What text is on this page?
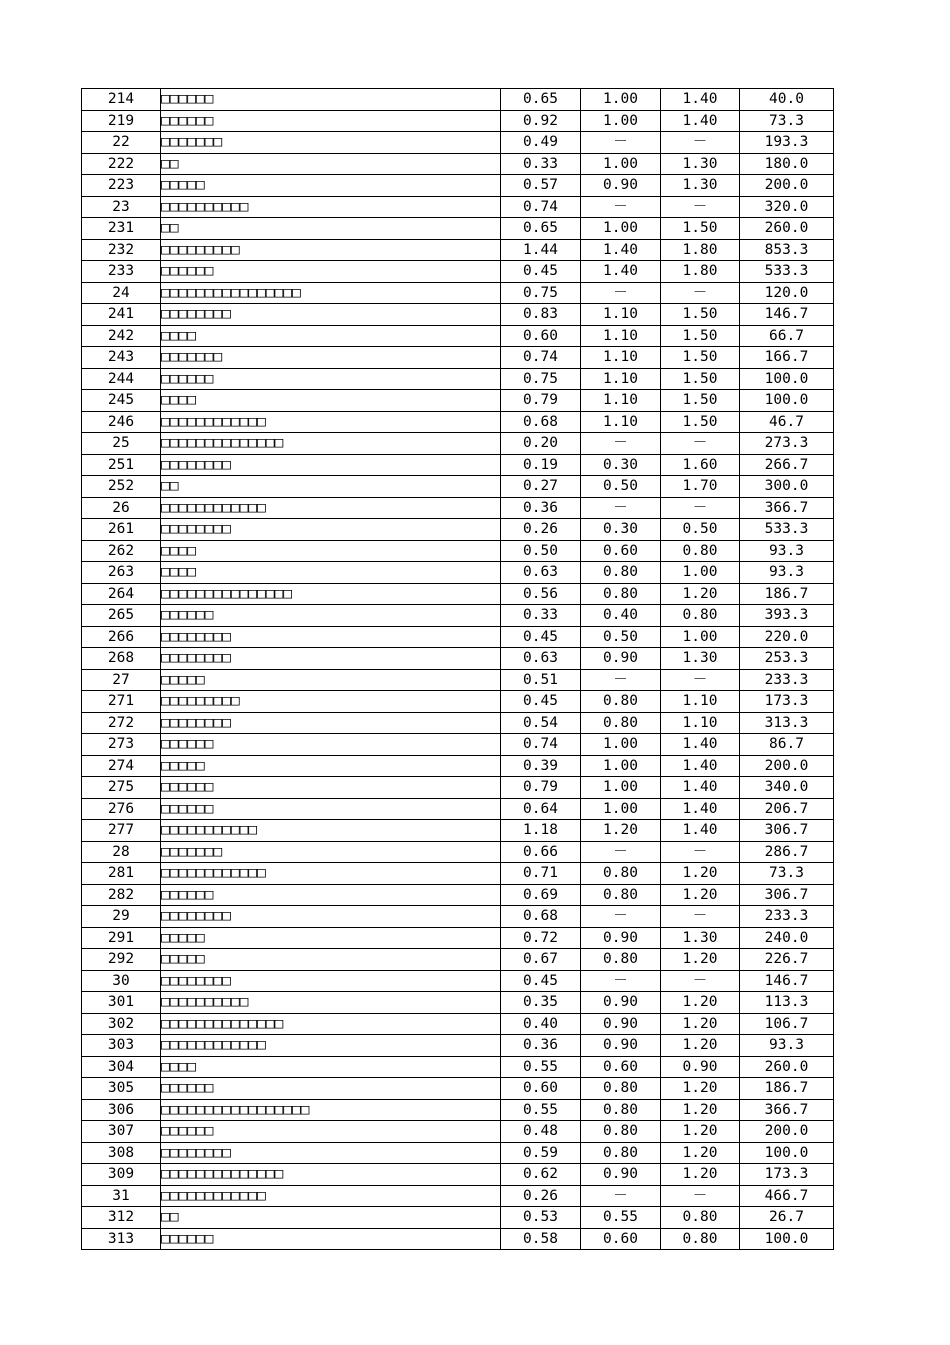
214	□□□□□□	0.65	1.00	1.40	40.0
219	□□□□□□	0.92	1.00	1.40	73.3
22	□□□□□□□	0.49	－	－	193.3
222	□□	0.33	1.00	1.30	180.0
223	□□□□□	0.57	0.90	1.30	200.0
23	□□□□□□□□□□	0.74	－	－	320.0
231	□□	0.65	1.00	1.50	260.0
232	□□□□□□□□□	1.44	1.40	1.80	853.3
233	□□□□□□	0.45	1.40	1.80	533.3
24	□□□□□□□□□□□□□□□□	0.75	－	－	120.0
241	□□□□□□□□	0.83	1.10	1.50	146.7
242	□□□□	0.60	1.10	1.50	66.7
243	□□□□□□□	0.74	1.10	1.50	166.7
244	□□□□□□	0.75	1.10	1.50	100.0
245	□□□□	0.79	1.10	1.50	100.0
246	□□□□□□□□□□□□	0.68	1.10	1.50	46.7
25	□□□□□□□□□□□□□□	0.20	－	－	273.3
251	□□□□□□□□	0.19	0.30	1.60	266.7
252	□□	0.27	0.50	1.70	300.0
26	□□□□□□□□□□□□	0.36	－	－	366.7
261	□□□□□□□□	0.26	0.30	0.50	533.3
262	□□□□	0.50	0.60	0.80	93.3
263	□□□□	0.63	0.80	1.00	93.3
264	□□□□□□□□□□□□□□□	0.56	0.80	1.20	186.7
265	□□□□□□	0.33	0.40	0.80	393.3
266	□□□□□□□□	0.45	0.50	1.00	220.0
268	□□□□□□□□	0.63	0.90	1.30	253.3
27	□□□□□	0.51	－	－	233.3
271	□□□□□□□□□	0.45	0.80	1.10	173.3
272	□□□□□□□□	0.54	0.80	1.10	313.3
273	□□□□□□	0.74	1.00	1.40	86.7
274	□□□□□	0.39	1.00	1.40	200.0
275	□□□□□□	0.79	1.00	1.40	340.0
276	□□□□□□	0.64	1.00	1.40	206.7
277	□□□□□□□□□□□	1.18	1.20	1.40	306.7
28	□□□□□□□	0.66	－	－	286.7
281	□□□□□□□□□□□□	0.71	0.80	1.20	73.3
282	□□□□□□	0.69	0.80	1.20	306.7
29	□□□□□□□□	0.68	－	－	233.3
291	□□□□□	0.72	0.90	1.30	240.0
292	□□□□□	0.67	0.80	1.20	226.7
30	□□□□□□□□	0.45	－	－	146.7
301	□□□□□□□□□□	0.35	0.90	1.20	113.3
302	□□□□□□□□□□□□□□	0.40	0.90	1.20	106.7
303	□□□□□□□□□□□□	0.36	0.90	1.20	93.3
304	□□□□	0.55	0.60	0.90	260.0
305	□□□□□□	0.60	0.80	1.20	186.7
306	□□□□□□□□□□□□□□□□□	0.55	0.80	1.20	366.7
307	□□□□□□	0.48	0.80	1.20	200.0
308	□□□□□□□□	0.59	0.80	1.20	100.0
309	□□□□□□□□□□□□□□	0.62	0.90	1.20	173.3
31	□□□□□□□□□□□□	0.26	－	－	466.7
312	□□	0.53	0.55	0.80	26.7
313	□□□□□□	0.58	0.60	0.80	100.0
